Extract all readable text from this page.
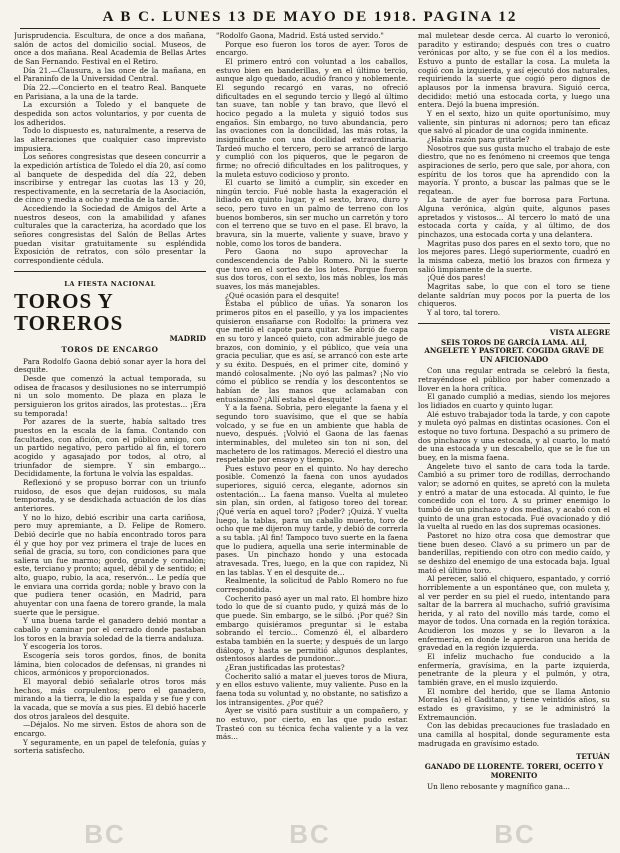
A B C. LUNES 13 DE MAYO DE 1918. PAGINA 12

Jurisprudencia. Escultura, de once a dos mañana, salón de actos del domicilio social. Museos, de once a dos mañana. Real Academia de Bellas Artes de San Fernando. Festival en el Retiro.

Día 21.—Clausura, a las once de la mañana, en el Paraninfo de la Universidad Central.

Día 22.—Concierto en el teatro Real. Banquete en Parisiana, a la una de la tarde.

La excursión a Toledo y el banquete de despedida son actos voluntarios, y por cuenta de los adheridos.

Todo lo dispuesto es, naturalmente, a reserva de las alteraciones que cualquier caso imprevisto impusiera.

Los señores congresistas que deseen concurrir a la expedición artística de Toledo el día 20, así como al banquete de despedida del día 22, deben inscribirse y entregar las cuotas las 13 y 20, respectivamente, en la secretaría de la Asociación, de cinco y media a ocho y media de la tarde.

Accediendo la Sociedad de Amigos del Arte a nuestros deseos, con la amabilidad y afanes culturales que la caracteriza, ha acordado que los señores congresistas del Salón de Bellas Artes puedan visitar gratuitamente su espléndida Exposición de retratos, con sólo presentar la correspondiente cédula.

LA FIESTA NACIONAL
TOROS Y TOREROS
MADRID
TOROS DE ENCARGO

Para Rodolfo Gaona debió sonar ayer la hora del desquite.

Desde que comenzó la actual temporada, su odisea de fracasos y desilusiones no se interrumpió ni un solo momento. De plaza en plaza le persiguieron los gritos airados, las protestas... ¡Era su temporada!

Por azares de la suerte, había saltado tres puestos en la escala de la fama. Contando con facultades, con afición, con el público amigo, con un partido negativo, pero partido al fin, el torero acogido y agasajado por todos, al otro, al triunfador de siempre. Y sin embargo... Decididamente, la fortuna le volvía las espaldas.

Reflexionó y se propuso borrar con un triunfo ruidoso, de esos que dejan ruidosos, su mala temporada, y se desdichada actuación de los días anteriores.

Y no lo hizo, debió escribir una carta cariñosa, pero muy apremiante, a D. Felipe de Romero. Debió decirle que no había encontrado toros para él y que hoy por vez primera el traje de luces en señal de gracia, su toro, con condiciones para que saliera un fue marmo; gordo, grande y cornalón; este, terciano y pronto; aquel, débil y de sentido; el alto, guapo, rubio, la aca, reservón... Le pedía que le enviara una corrida gorda; noble y bravo con la que pudiera tener ocasión, en Madrid, para ahuyentar con una faena de torero grande, la mala suerte que le persigue.

Y una buena tarde el ganadero debió montar a caballo y caminar por el cerrado donde pastaban los toros en la bravía soledad de la tierra andaluza.

Y escogería los toros.

Escogería seis toros gordos, finos, de bonita lámina, bien colocados de defensas, ni grandes ni chicos, armónicos y proporcionados.

El mayoral debió señalarle otros toros más hechos, más corpulentos; pero el ganadero, mirando a la tierra, le dio la espalda y se fue y con la vacada, que se movía a sus pies. El debió hacerle dos otros jaraleos del desquite.

—Déjalos. No me sirven. Estos de ahora son de encargo.

Y seguramente, en un papel de telefonía, guías y sorteria satisfecho.

"Rodolfo Gaona, Madrid. Está usted servido."

Porque eso fueron los toros de ayer. Toros de encargo.

El primero entró con voluntad a los caballos, estuvo bien en banderillas, y en el último tercio, aunque algo quedado, acudió franco y noblemente. El segundo recargó en varas, no ofreció dificultades en el segundo tercio y llegó al último tan suave, tan noble y tan bravo, que llevó el hocico pegado a la muleta y siguió todos sus engaños. Sin embargo, no tuvo abundancia, pero las ovaciones con la doncilidad, las más rotas, la insignificante con una docilidad extraordinaria. Tardeó mucho el tercero, pero se arrancó de largo y cumplió con los piqueros, que le pegaron de firme; no ofreció dificultades en los palitroques, y la muleta estuvo codicioso y pronto.

El cuarto se limitó a cumplir, sin exceder en ningún tercio. Fué noble hasta la exageración el lidiado en quinto lugar, y el sexto, bravo, duro y seco, pero tuvo en un palmo de terreno con los buenos bomberos, sin ser mucho un carretón y toro con el terreno que se tuvo en el pase. El bravo, la bravura, sin la muerte, valiente y suave, bravo y noble, como los toros de bandera.

Pero Gaona no supo aprovechar la condescendencia de Pablo Romero. Ni la suerte que tuvo en el sorteo de los lotes. Porque fueron sus dos toros, con el sexto, los más nobles, los más suaves, los más manejables.

¿Qué ocasión para el desquite!

Estaba el público de uñas. Ya sonaron los primeros pitos en el paseíllo, y ya los impacientes quisieron ensañarse con Rodolfo: la primera vez que metió el capote para quitar. Se abrió de capa en su toro y lanceó quieto, con admirable juego de brazos, con dominio, y el público, que veía una gracia peculiar, que es así, se arrancó con este arte y su éxito. Después, en el primer cite, dominó y mandó colosalmente. ¡No oyó las palmas? ¡No vio cómo el público se rendía y los descontentos se habían de las manos que aclamaban con entusiasmo? ¡Allí estaba el desquite!

Y a la faena. Sobria, pero elegante la faena y el segundo toro suavísimo, que el que se había volcado, y se fue en un ambiente que habla de nuevo, después. ¡Volvió el Gaona de las faenas interminables, del muleteo sin ton ni son, del machetero de los ratimagos. Mereció el diestro una respetable por ensayo y tiempo.

Pues estuvo peor en el quinto. No hay derecho posible. Comenzó la faena con unos ayudados superiores, siguió cerca, elegante, adornos sin ostentación... La faena manso. Vuelta al muleteo sin plan, sin orden, al fatigoso toreo del torear. ¡Qué vería en aquel toro? ¡Poder? ¡Quizá. Y vuelta luego, la tablas, para un caballo muerto, toro de ocho que me dijeron muy tarde, y debió de correrla a su tabla. ¡Al fin! Tampoco tuvo suerte en la faena que lo pudiera, aquella una serie interminable de pases. Un pinchazo hondo y una estocada atravesada. Tres, luego, en la que con rapidez, Ni en las tablas. Y en el desquite de...

Realmente, la solicitud de Pablo Romero no fue correspondida.

Cocherito pasó ayer un mal rato. El hombre hizo todo lo que de sí cuanto pudo, y quizá más de lo que puede. Sin embargo, se le silbó. ¡Por qué? Sin embargo quisiéramos preguntar si le estaba sobrando el tercio... Comenzó él, el albardero estaba también en la suerte; y después de un largo diálogo, y hasta se permitió algunos desplantes, ostentosos alardes de pundonor...

¿Eran justificadas las protestas?

Cocherito salió a matar el jueves toros de Miura, y en ellos estuvo valiente, muy valiente. Puso en la faena toda su voluntad y, no obstante, no satisfizo a los intransigentes. ¿Por qué?

Ayer se visitó para sustituir a un compañero, y no estuvo, por cierto, en las que pudo estar. Trasteó con su técnica fecha valiente y a la vez más...

mal muletear desde cerca. Al cuarto lo veronicó, paradito y estirando; después con tres o cuatro verónicas por alto, y se fue con él a los medios. Estuvo a punto de estallar la cosa. La muleta la cogió con la izquierda, y así ejecutó dos naturales, requiriendo la suerte que cogió pero dignos de aplausos por la inmensa bravura. Siguió cerca, decidido: metió una estocada corta, y luego una entera. Dejó la buena impresión.

Y en el sexto, hizo un quite oportunísimo, muy valiente, sin pinturas ni adornos; pero tan eficaz que salvó al picador de una cogida inminente.

¿Había razón para gritarle?

Nosotros que sus gusta mucho el trabajo de este diestro, que no es fenómeno ni creemos que tenga aspiraciones de serlo, pero que sale, por ahora, con espíritu de los toros que ha aprendido con la mayoría. Y pronto, a buscar las palmas que se le regatean.

La tarde de ayer fue borrosa para Fortuna. Alguna verónica, algún quite, algunos pases apretados y vistosos... Al tercero lo mató de una estocada corta y caída, y al último, de dos pinchazos, una estocada corta y una delantera.

Magritas puso dos pares en el sexto toro, que no los mejores pares. Llegó superiormente, cuadró en la misma cabeza, metió los brazos con firmeza y salió limpiamente de la suerte.

¡Qué dos pares!

Magritas sabe, lo que con el toro se tiene delante saldrían muy pocos por la puerta de los chiqueros.

Y al toro, tal torero.

VISTA ALEGRE
SEIS TOROS DE GARCÍA LAMA. ALÍ, ANGELETE Y PASTORET. COGIDA GRAVE DE UN AFICIONADO

Con una regular entrada se celebró la fiesta, retrayéndose el público por haber comenzado a llover en la hora crítica.

El ganado cumplió a medias, siendo los mejores los lidiados en cuarto y quinto lugar.

Alé estuvo trabajador toda la tarde, y con capote y muleta oyó palmas en distintas ocasiones. Con el estoque no tuvo fortuna. Despachó a su primero de dos pinchazos y una estocada, y al cuarto, lo mató de una estocada y un descabello, que se le fue un buey, en la misma faena.

Angelete tuvo el santo de cara toda la tarde. Cambió a su primer toro de rodillas, derrochando valor; se adornó en quites, se apretó con la muleta y entró a matar de una estocada. Al quinto, le fue concedido con el toro. A su primer enemigo lo tumbó de un pinchazo y dos medias, y acabó con el quinto de una gran estocada. Fué ovacionado y dió la vuelta al ruedo en las dos supremas ocasiones.

Pastoret no hizo otra cosa que demostrar que tiene buen deseo. Clavó a su primero un par de banderillas, repitiendo con otro con medio caído, y se deshizo del enemigo de una estocada baja. Igual mató el último toro.

Al perecer, salió el chiquero, espantado, y corrió horriblemente a un espontáneo que, con muleta y, al ver perder en su piel el ruedo, intentando para saltar de la barrera al muchacho, sufrió gravísima herida, y al rato del novillo más tarde, como el mayor de todos. Una cornada en la región toráxica. Acudieron los mozos y se lo llevaron a la enfermería, en donde le apreciaron una herida de gravedad en la región izquierda.

El infeliz muchacho fue conducido a la enfermería, gravísima, en la parte izquierda, penetrante de la pleura y el pulmón, y otra, también grave, en el muslo izquierdo.

El nombre del herido, que se llama Antonio Morales (a) el Gaditano, y tiene veintidós años, su estado es gravísimo, y se le administró la Extremaunción.

Con las debidas precauciones fue trasladado en una camilla al hospital, donde seguramente esta madrugada en gravísimo estado.

TETUÁN
GANADO DE LLORENTE. TORERI, OCEITO Y MORENITO

Un lleno rebosante y magnífico gana...

BC	BC	BC
